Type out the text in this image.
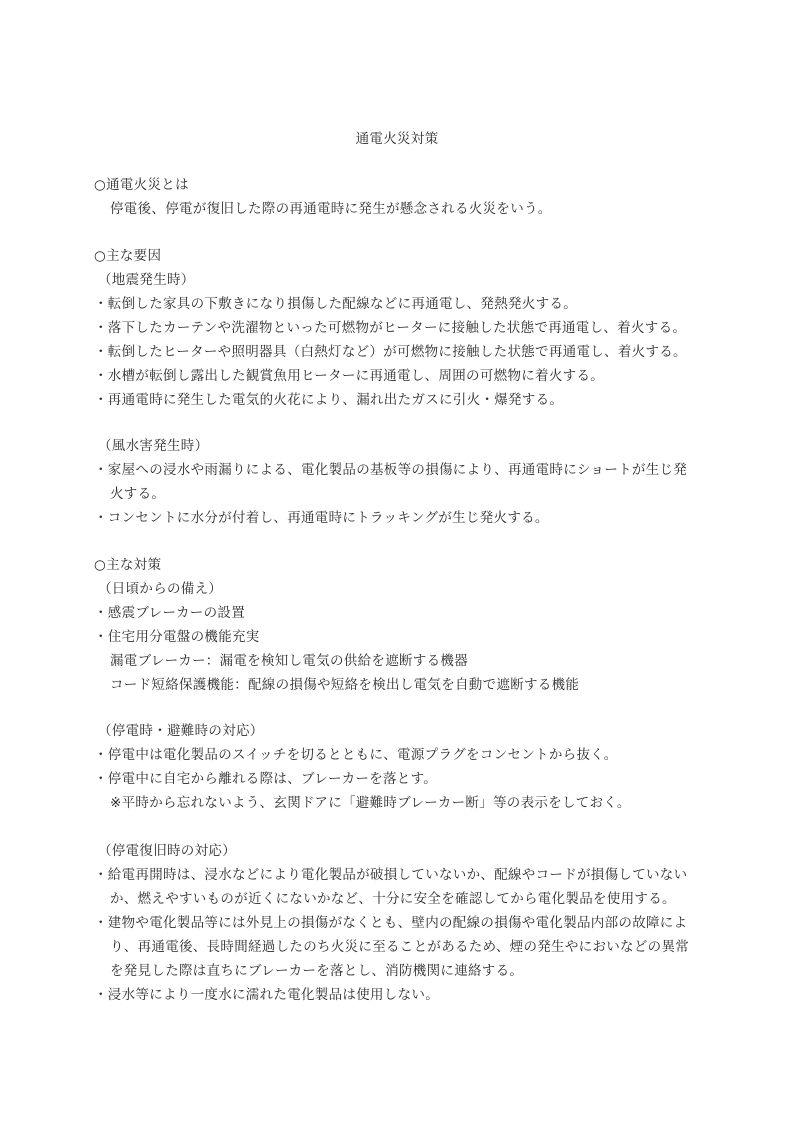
通電火災対策
○通電火災とは
停電後、停電が復旧した際の再通電時に発生が懸念される火災をいう。
○主な要因
（地震発生時）
・転倒した家具の下敷きになり損傷した配線などに再通電し、発熱発火する。
・落下したカーテンや洗濯物といった可燃物がヒーターに接触した状態で再通電し、着火する。
・転倒したヒーターや照明器具（白熱灯など）が可燃物に接触した状態で再通電し、着火する。
・水槽が転倒し露出した観賞魚用ヒーターに再通電し、周囲の可燃物に着火する。
・再通電時に発生した電気的火花により、漏れ出たガスに引火・爆発する。
（風水害発生時）
・家屋への浸水や雨漏りによる、電化製品の基板等の損傷により、再通電時にショートが生じ発
火する。
・コンセントに水分が付着し、再通電時にトラッキングが生じ発火する。
○主な対策
（日頃からの備え）
・感震ブレーカーの設置
・住宅用分電盤の機能充実
漏電ブレーカー：漏電を検知し電気の供給を遮断する機器
コード短絡保護機能：配線の損傷や短絡を検出し電気を自動で遮断する機能
（停電時・避難時の対応）
・停電中は電化製品のスイッチを切るとともに、電源プラグをコンセントから抜く。
・停電中に自宅から離れる際は、ブレーカーを落とす。
※平時から忘れないよう、玄関ドアに「避難時ブレーカー断」等の表示をしておく。
（停電復旧時の対応）
・給電再開時は、浸水などにより電化製品が破損していないか、配線やコードが損傷していない
か、燃えやすいものが近くにないかなど、十分に安全を確認してから電化製品を使用する。
・建物や電化製品等には外見上の損傷がなくとも、壁内の配線の損傷や電化製品内部の故障によ
り、再通電後、長時間経過したのち火災に至ることがあるため、煙の発生やにおいなどの異常
を発見した際は直ちにブレーカーを落とし、消防機関に連絡する。
・浸水等により一度水に濡れた電化製品は使用しない。
